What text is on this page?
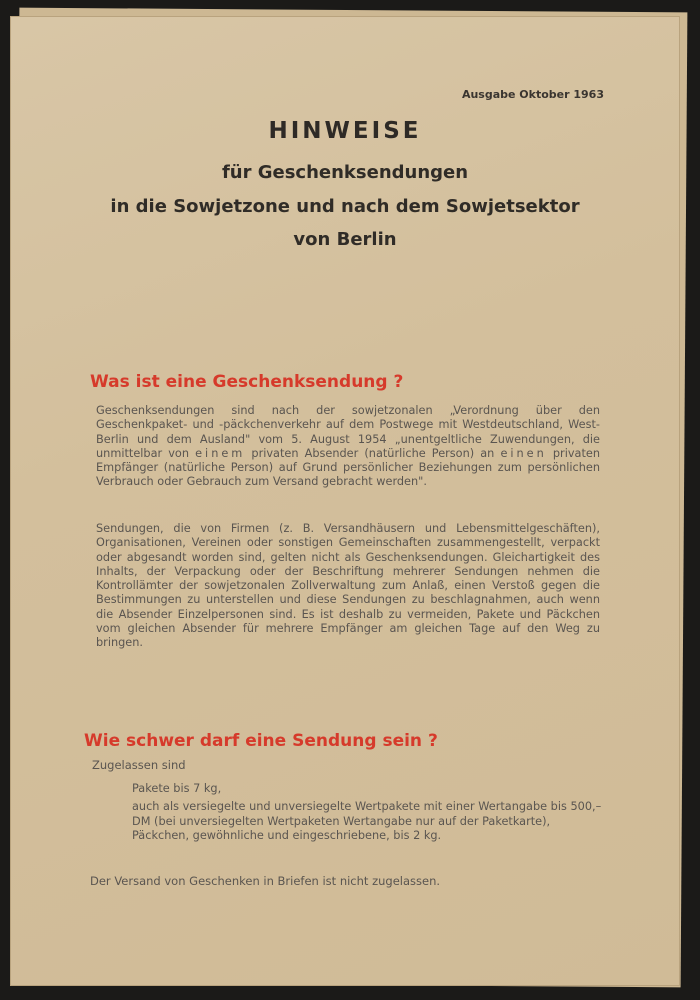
Ausgabe Oktober 1963
HINWEISE
für Geschenksendungen
in die Sowjetzone und nach dem Sowjetsektor
von Berlin
Was ist eine Geschenksendung ?
Geschenksendungen sind nach der sowjetzonalen „Verordnung über den Geschenkpaket- und -päckchenverkehr auf dem Postwege mit Westdeutschland, West-Berlin und dem Ausland" vom 5. August 1954 „unentgeltliche Zuwendungen, die unmittelbar von einem privaten Absender (natürliche Person) an einen privaten Empfänger (natürliche Person) auf Grund persönlicher Beziehungen zum persönlichen Verbrauch oder Gebrauch zum Versand gebracht werden".
Sendungen, die von Firmen (z. B. Versandhäusern und Lebensmittelgeschäften), Organisationen, Vereinen oder sonstigen Gemeinschaften zusammengestellt, verpackt oder abgesandt worden sind, gelten nicht als Geschenksendungen. Gleichartigkeit des Inhalts, der Verpackung oder der Beschriftung mehrerer Sendungen nehmen die Kontrollämter der sowjetzonalen Zollverwaltung zum Anlaß, einen Verstoß gegen die Bestimmungen zu unterstellen und diese Sendungen zu beschlagnahmen, auch wenn die Absender Einzelpersonen sind. Es ist deshalb zu vermeiden, Pakete und Päckchen vom gleichen Absender für mehrere Empfänger am gleichen Tage auf den Weg zu bringen.
Wie schwer darf eine Sendung sein ?
Zugelassen sind
Pakete bis 7 kg,
auch als versiegelte und unversiegelte Wertpakete mit einer Wertangabe bis 500,– DM (bei unversiegelten Wertpaketen Wertangabe nur auf der Paketkarte),
Päckchen, gewöhnliche und eingeschriebene, bis 2 kg.
Der Versand von Geschenken in Briefen ist nicht zugelassen.
